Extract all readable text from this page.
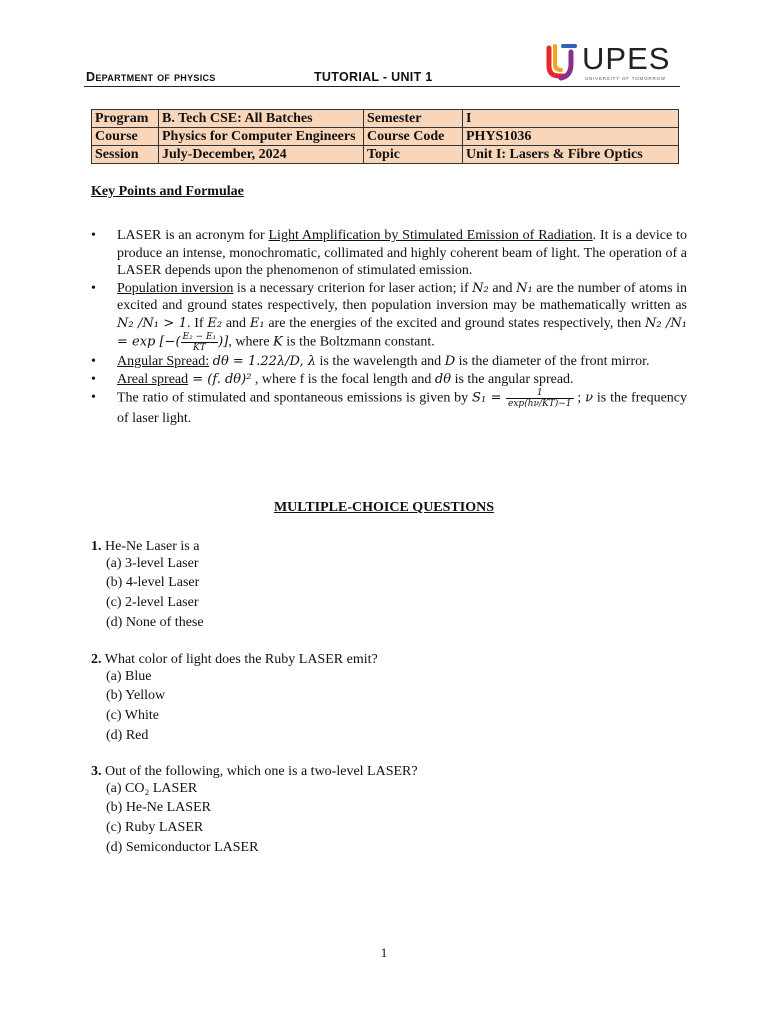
Department of physics	TUTORIAL - UNIT 1
UPES
UNIVERSITY OF TOMORROW
Program	B. Tech CSE: All Batches	Semester	I
Course	Physics for Computer Engineers	Course Code	PHYS1036
Session	July-December, 2024	Topic	Unit I: Lasers & Fibre Optics
Key Points and Formulae
• LASER is an acronym for Light Amplification by Stimulated Emission of Radiation. It is a device to produce an intense, monochromatic, collimated and highly coherent beam of light. The operation of a LASER depends upon the phenomenon of stimulated emission.
• Population inversion is a necessary criterion for laser action; if N₂ and N₁ are the number of atoms in excited and ground states respectively, then population inversion may be mathematically written as N₂ /N₁ > 1. If E₂ and E₁ are the energies of the excited and ground states respectively, then N₂ /N₁ = exp [−( $\frac{\text{E₂ − E₁}}{KT}$ )], where K is the Boltzmann constant.
• Angular Spread: dθ = 1.22λ/D, λ is the wavelength and D is the diameter of the front mirror.
• Areal spread = (f. dθ)² , where f is the focal length and dθ is the angular spread.
• The ratio of stimulated and spontaneous emissions is given by $S_1 = \frac{1}{\exp(h\nu/KT)-1}$ ; ν is the frequency of laser light.
MULTIPLE-CHOICE QUESTIONS
1. He-Ne Laser is a
(a) 3-level Laser
(b) 4-level Laser
(c) 2-level Laser
(d) None of these
2. What color of light does the Ruby LASER emit?
(a) Blue
(b) Yellow
(c) White
(d) Red
3. Out of the following, which one is a two-level LASER?
(a) CO₂ LASER
(b) He-Ne LASER
(c) Ruby LASER
(d) Semiconductor LASER
1
